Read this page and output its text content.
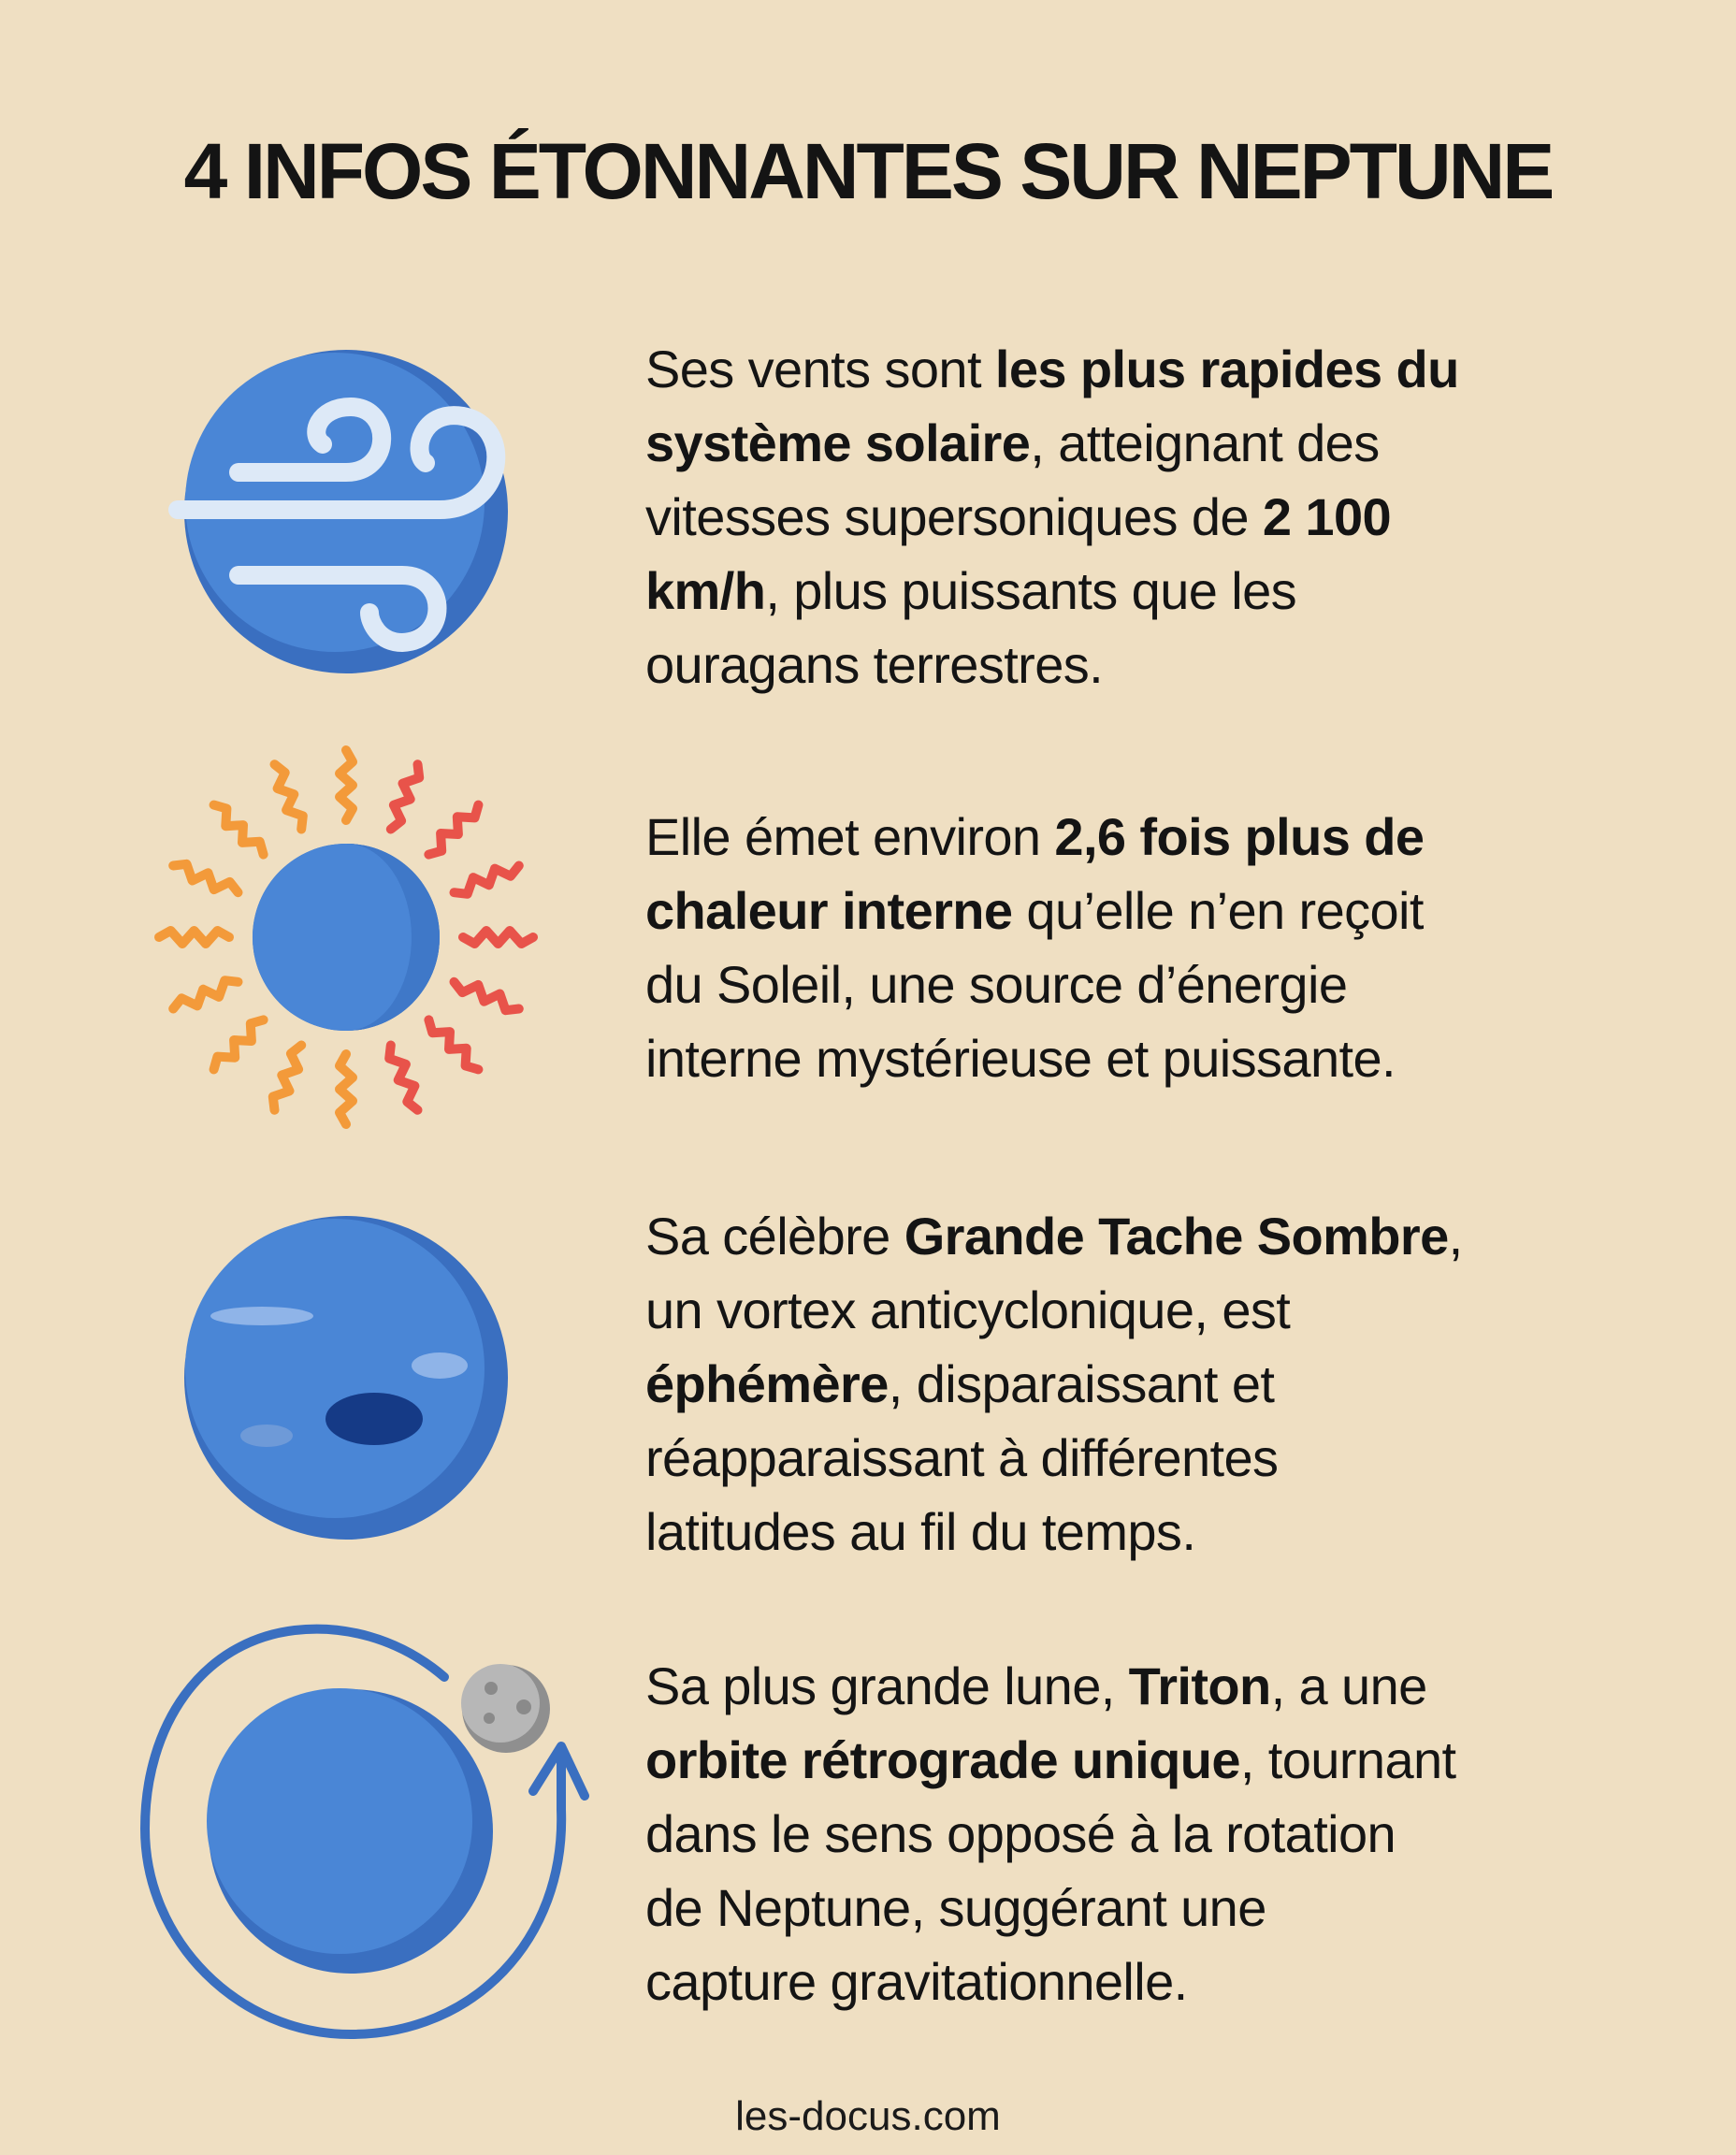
4 INFOS ÉTONNANTES SUR NEPTUNE
Ses vents sont les plus rapides du
système solaire, atteignant des
vitesses supersoniques de 2 100
km/h, plus puissants que les
ouragans terrestres.
Elle émet environ 2,6 fois plus de
chaleur interne qu’elle n’en reçoit
du Soleil, une source d’énergie
interne mystérieuse et puissante.
Sa célèbre Grande Tache Sombre,
un vortex anticyclonique, est
éphémère, disparaissant et
réapparaissant à différentes
latitudes au fil du temps.
Sa plus grande lune, Triton, a une
orbite rétrograde unique, tournant
dans le sens opposé à la rotation
de Neptune, suggérant une
capture gravitationnelle.
les-docus.com
